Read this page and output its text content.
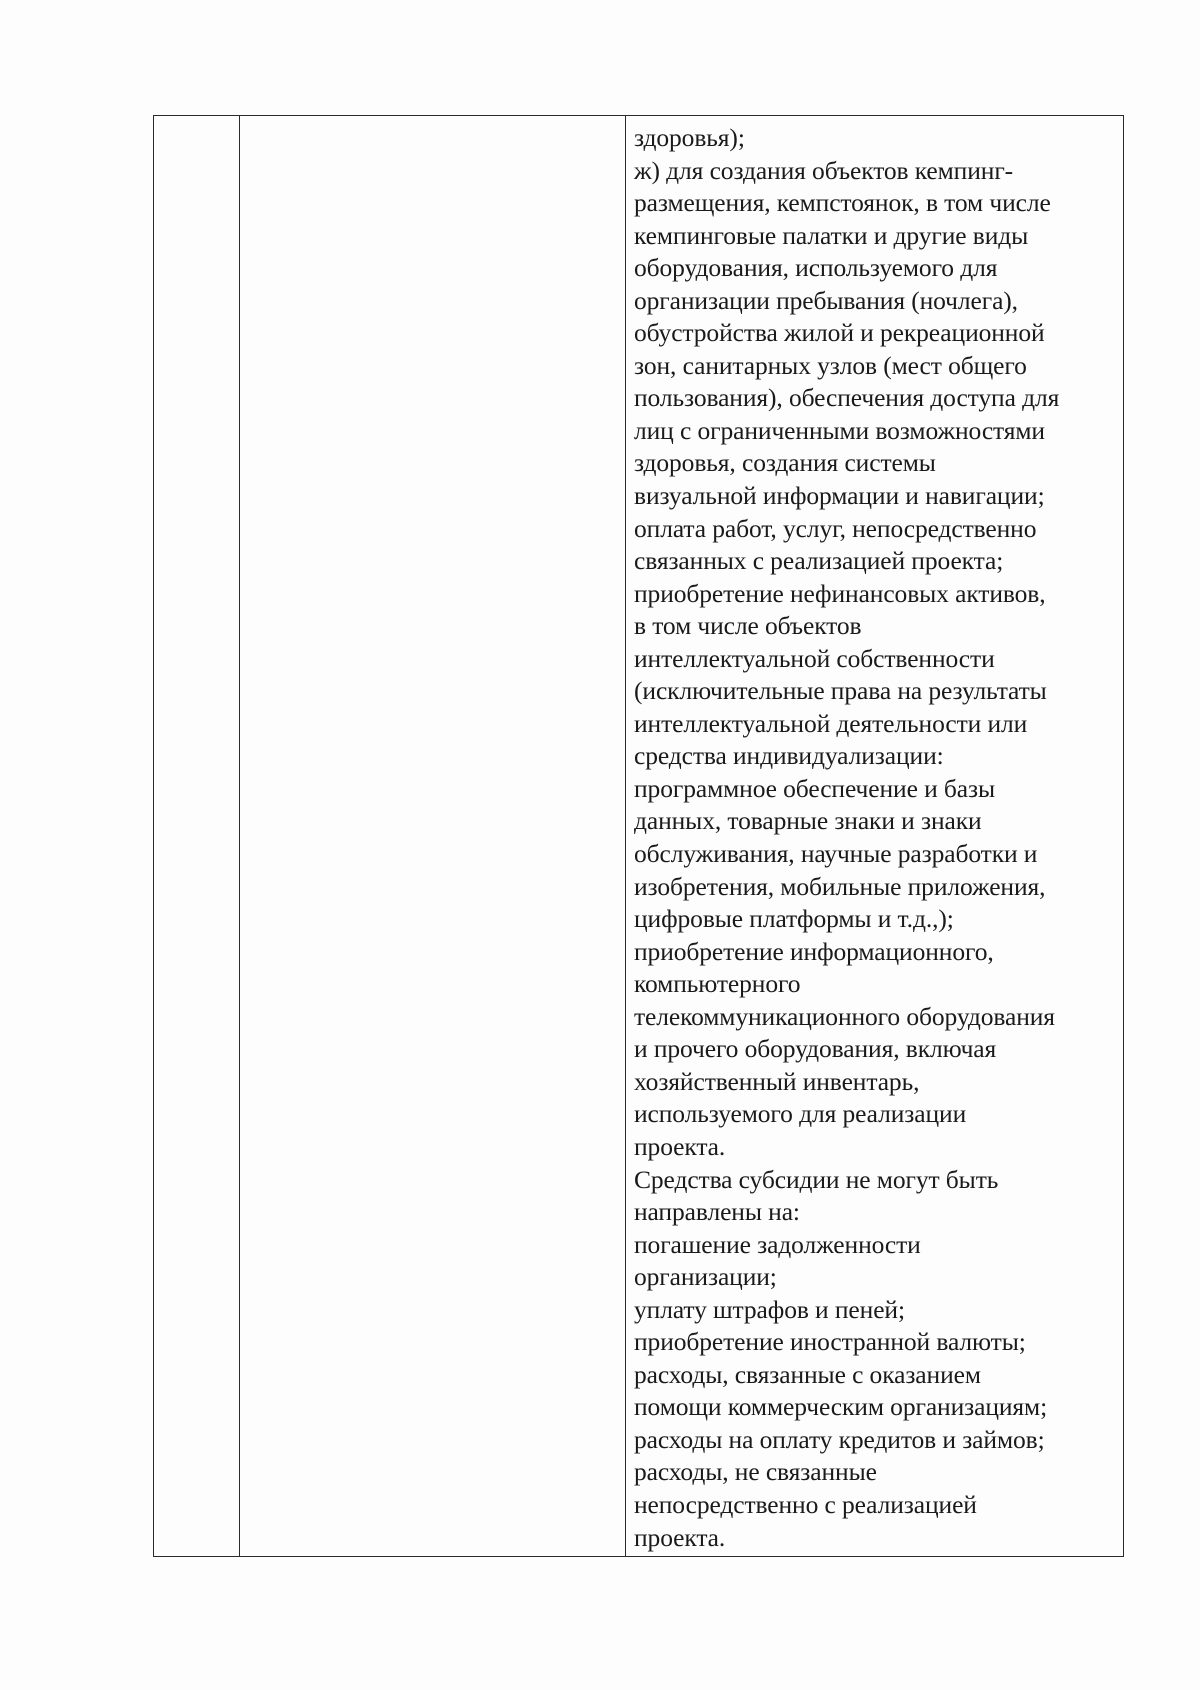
здоровья);
ж) для создания объектов кемпинг-
размещения, кемпстоянок, в том числе
кемпинговые палатки и другие виды
оборудования, используемого для
организации пребывания (ночлега),
обустройства жилой и рекреационной
зон, санитарных узлов (мест общего
пользования), обеспечения доступа для
лиц с ограниченными возможностями
здоровья, создания системы
визуальной информации и навигации;
оплата работ, услуг, непосредственно
связанных с реализацией проекта;
приобретение нефинансовых активов,
в том числе объектов
интеллектуальной собственности
(исключительные права на результаты
интеллектуальной деятельности или
средства индивидуализации:
программное обеспечение и базы
данных, товарные знаки и знаки
обслуживания, научные разработки и
изобретения, мобильные приложения,
цифровые платформы и т.д.,);
приобретение информационного,
компьютерного
телекоммуникационного оборудования
и прочего оборудования, включая
хозяйственный инвентарь,
используемого для реализации
проекта.
Средства субсидии не могут быть
направлены на:
погашение задолженности
организации;
уплату штрафов и пеней;
приобретение иностранной валюты;
расходы, связанные с оказанием
помощи коммерческим организациям;
расходы на оплату кредитов и займов;
расходы, не связанные
непосредственно с реализацией
проекта.
